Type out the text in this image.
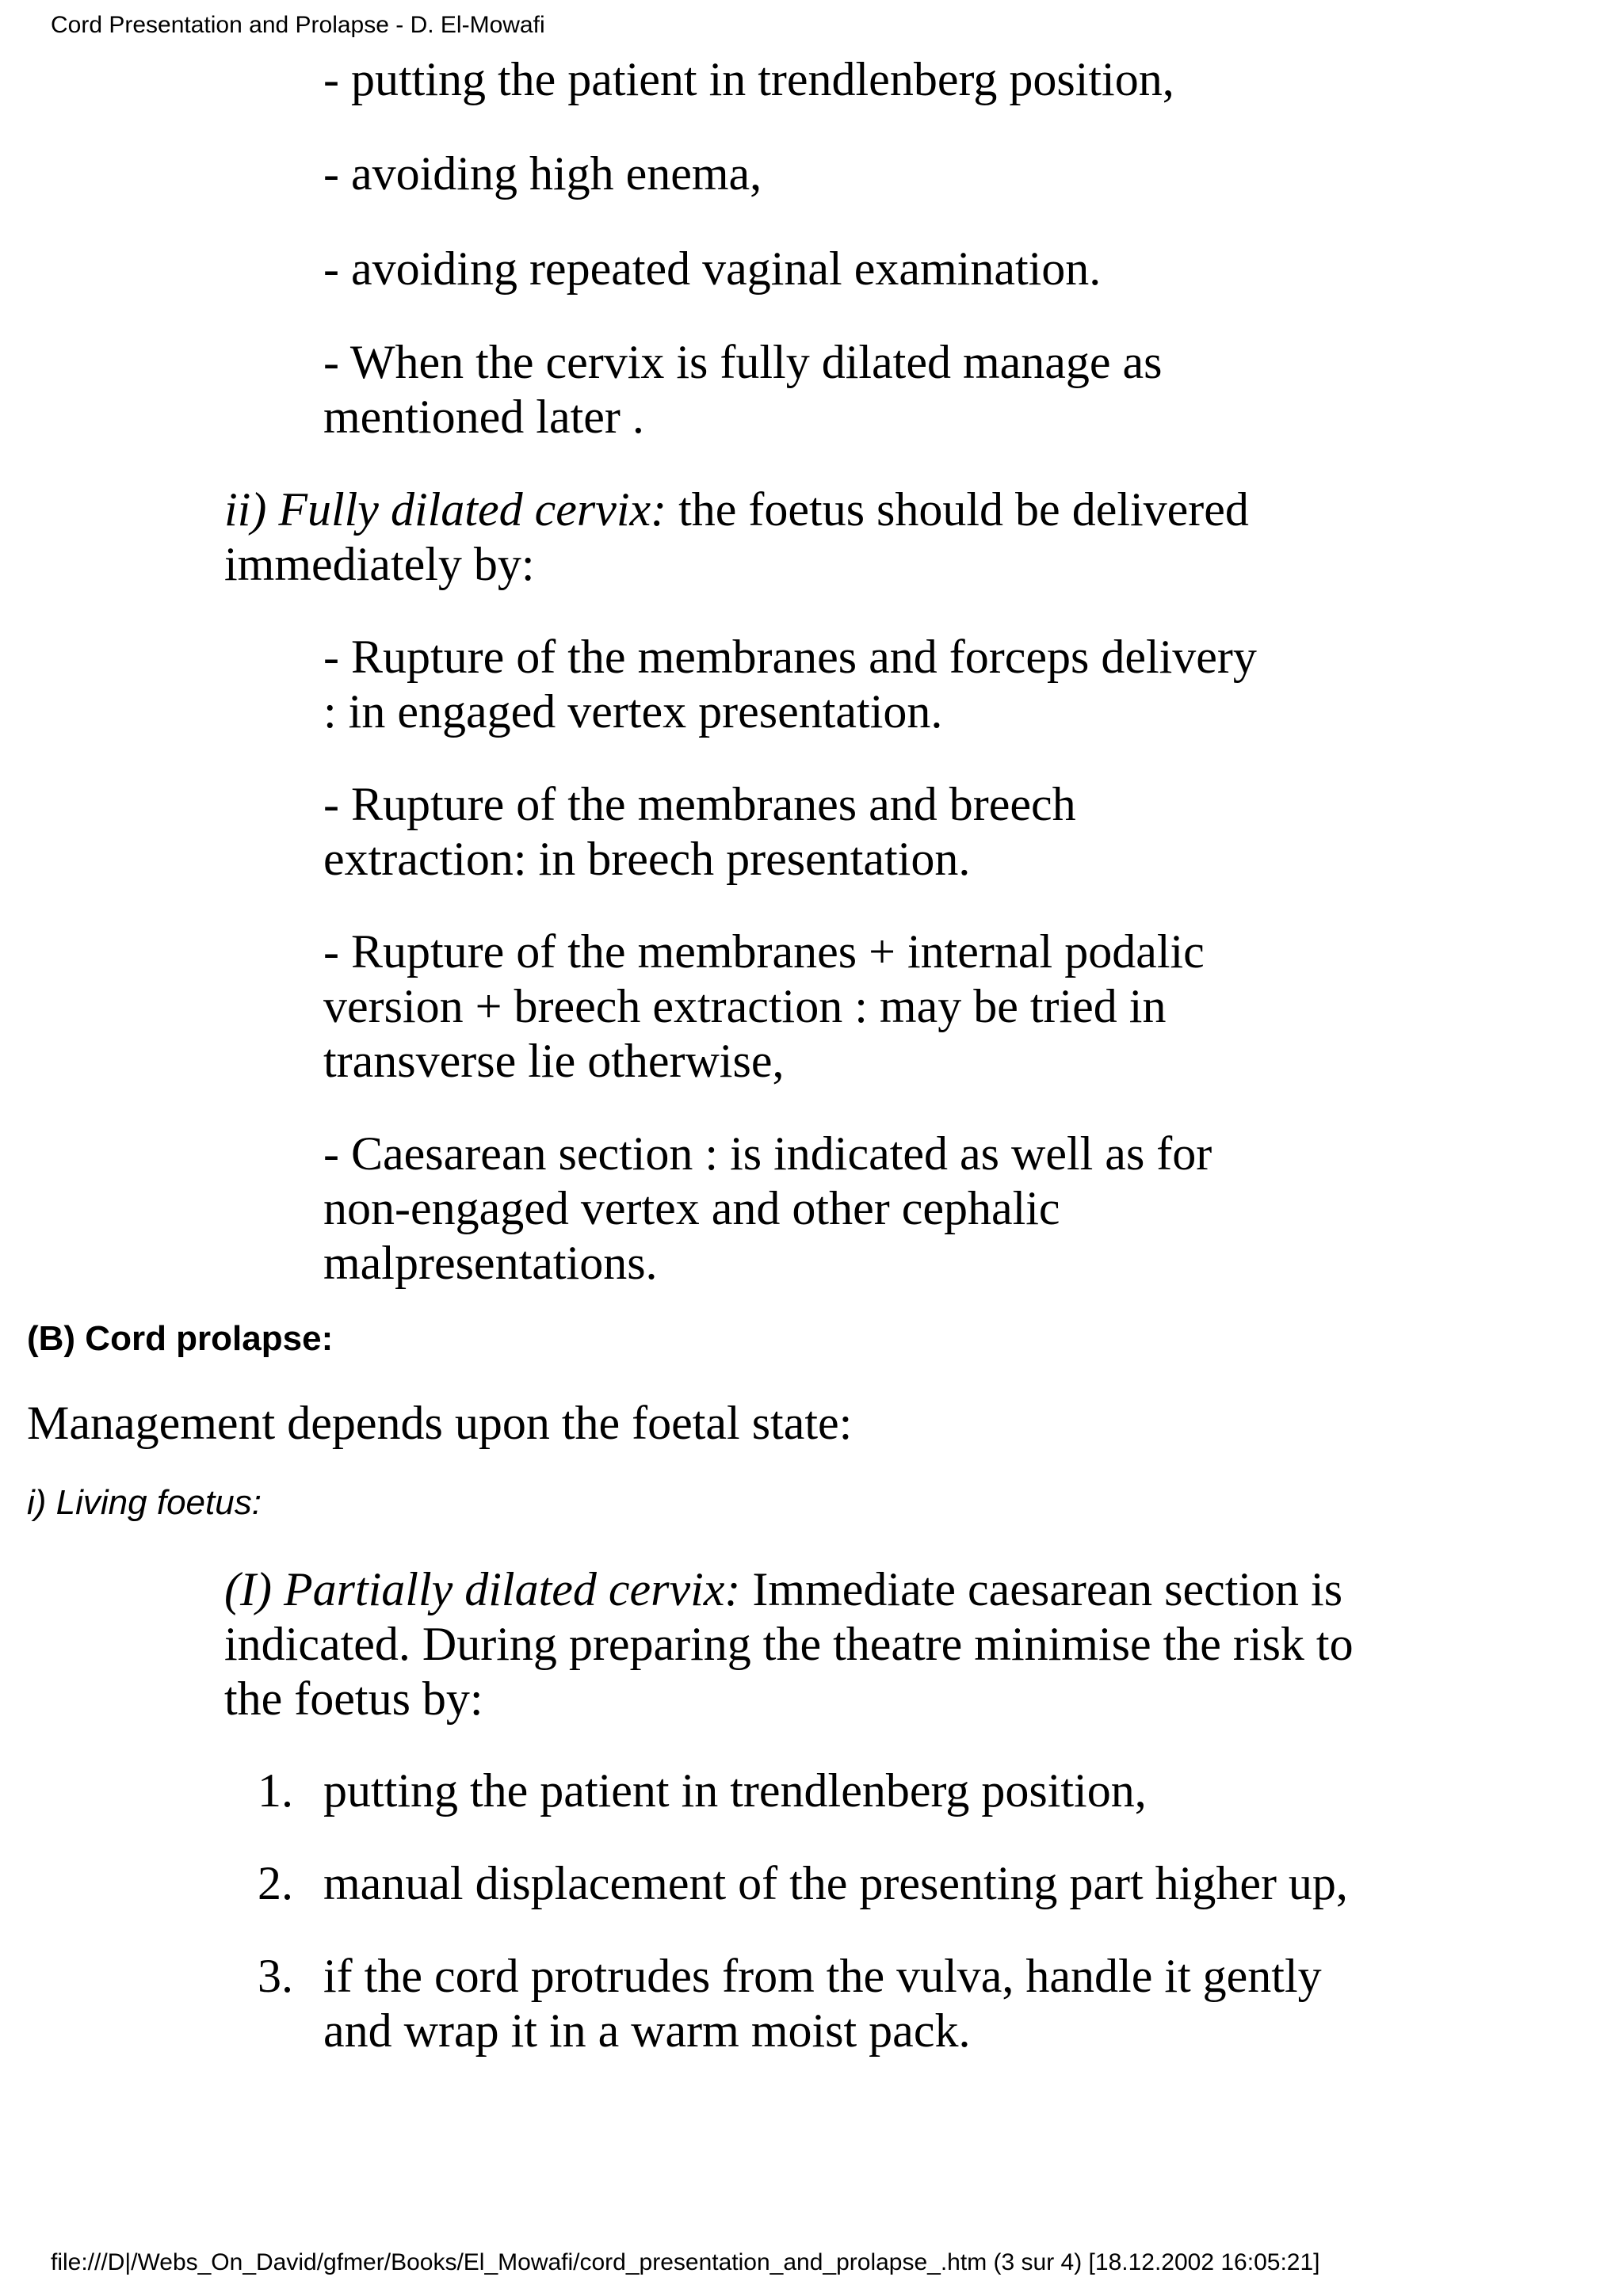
Cord Presentation and Prolapse - D. El-Mowafi

- putting the patient in trendlenberg position,

- avoiding high enema,

- avoiding repeated vaginal examination.

- When the cervix is fully dilated manage as

mentioned later .

ii) Fully dilated cervix: the foetus should be delivered

immediately by:

- Rupture of the membranes and forceps delivery

: in engaged vertex presentation.

- Rupture of the membranes and breech

extraction: in breech presentation.

- Rupture of the membranes + internal podalic

version + breech extraction : may be tried in

transverse lie otherwise,

- Caesarean section : is indicated as well as for

non-engaged vertex and other cephalic

malpresentations.

(B) Cord prolapse:

Management depends upon the foetal state:

i) Living foetus:

(I) Partially dilated cervix: Immediate caesarean section is

indicated. During preparing the theatre minimise the risk to

the foetus by:

1. putting the patient in trendlenberg position,

2. manual displacement of the presenting part higher up,

3. if the cord protrudes from the vulva, handle it gently

and wrap it in a warm moist pack.

file:///D|/Webs_On_David/gfmer/Books/El_Mowafi/cord_presentation_and_prolapse_.htm (3 sur 4) [18.12.2002 16:05:21]
